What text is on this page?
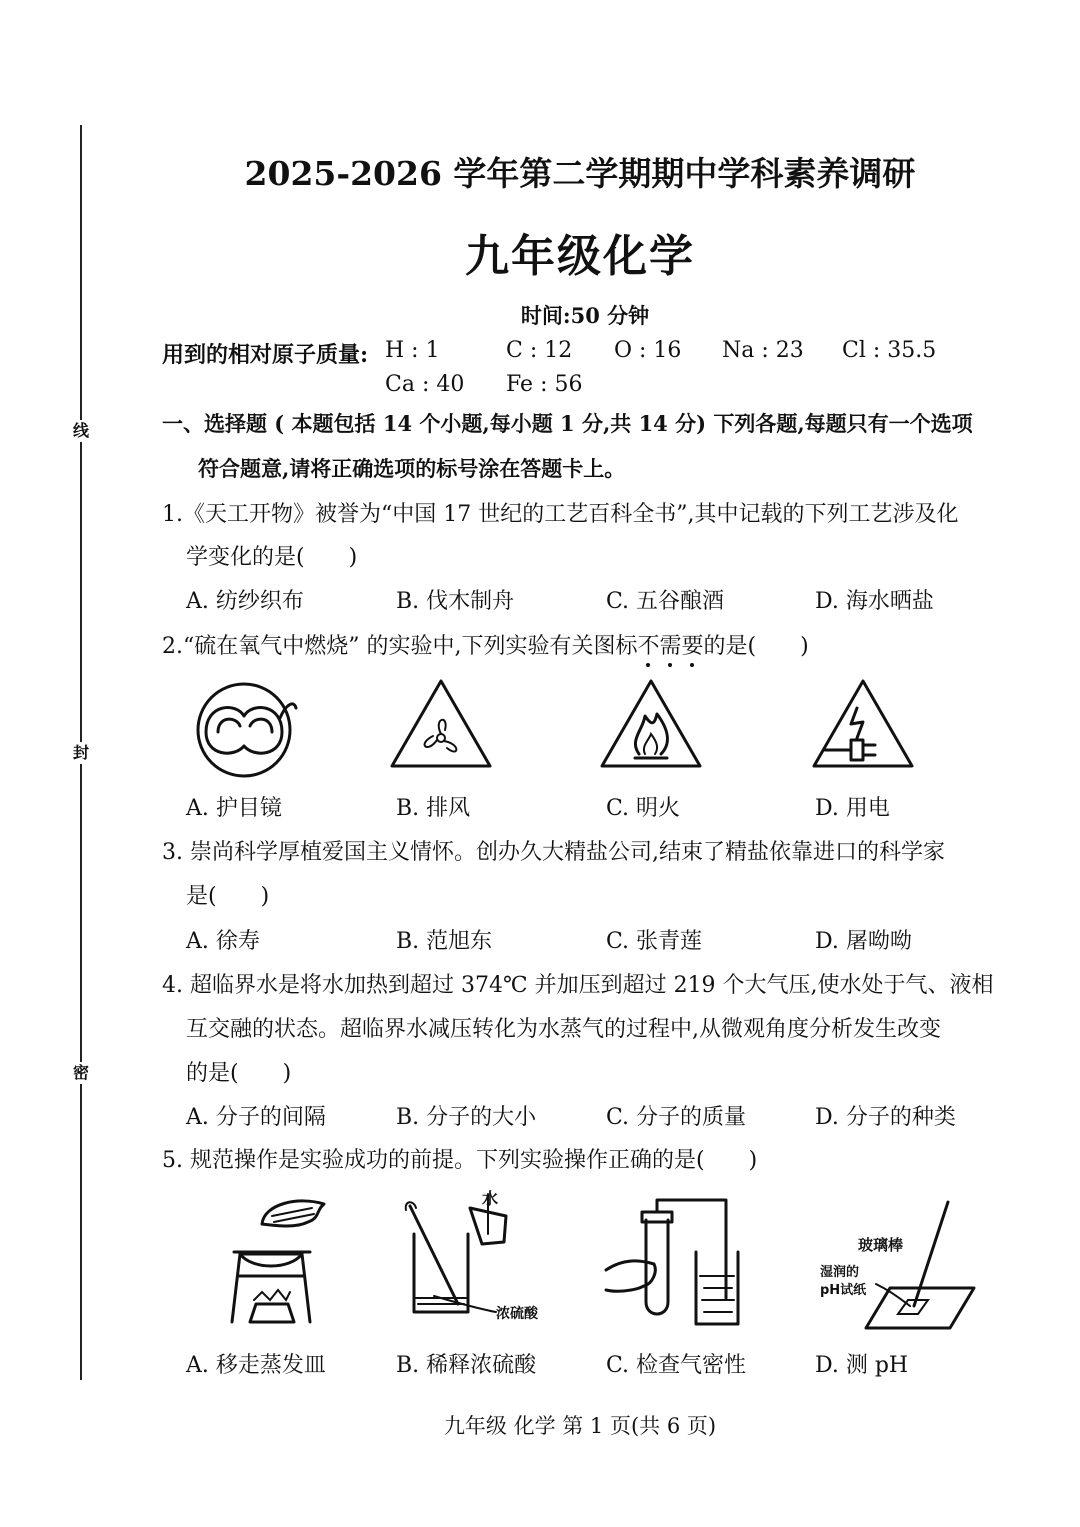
线
封
密
2025-2026 学年第二学期期中学科素养调研
九年级化学
时间:50 分钟
用到的相对原子质量: H : 1	C : 12 O : 16 Na : 23 Cl : 35.5
Ca : 40 Fe : 56
一、选择题 ( 本题包括 14 个小题,每小题 1 分,共 14 分) 下列各题,每题只有一个选项
符合题意,请将正确选项的标号涂在答题卡上。
1.《天工开物》被誉为“中国 17 世纪的工艺百科全书”,其中记载的下列工艺涉及化
学变化的是(　　)
A. 纺纱织布	B. 伐木制舟	C. 五谷酿酒	D. 海水晒盐
2.“硫在氧气中燃烧” 的实验中,下列实验有关图标不需要
的是(　　)
A. 护目镜	B. 排风	C. 明火	D. 用电
3. 崇尚科学厚植爱国主义情怀。创办久大精盐公司,结束了精盐依靠进口的科学家
是(　　)
A. 徐寿	B. 范旭东	C. 张青莲	D. 屠呦呦
4. 超临界水是将水加热到超过 374℃ 并加压到超过 219 个大气压,使水处于气、液相
互交融的状态。超临界水减压转化为水蒸气的过程中,从微观角度分析发生改变
的是(　　)
A. 分子的间隔	B. 分子的大小	C. 分子的质量	D. 分子的种类
5. 规范操作是实验成功的前提。下列实验操作正确的是(　　)
水
浓硫酸
玻璃棒
湿润的
pH试纸
A. 移走蒸发皿	B. 稀释浓硫酸	C. 检查气密性	D. 测 pH
九年级 化学 第 1 页(共 6 页)
